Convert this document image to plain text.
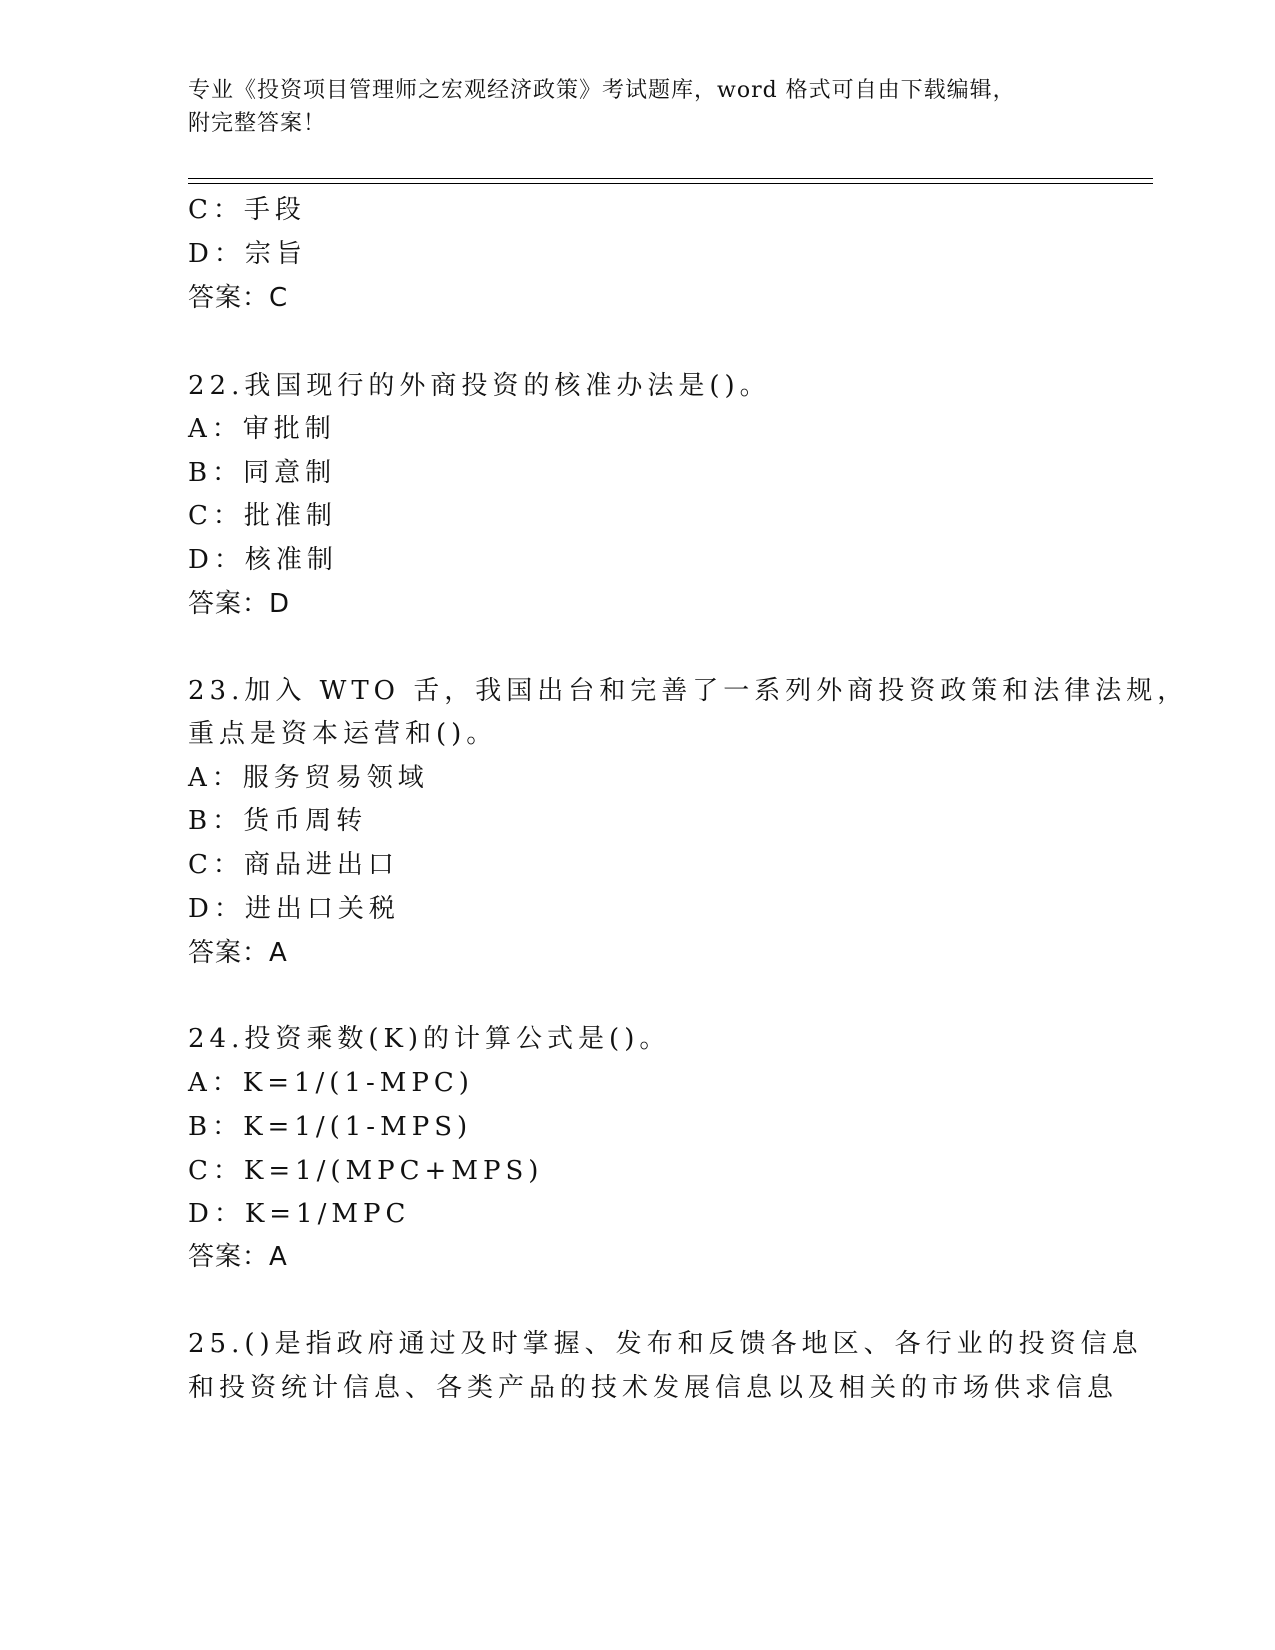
专业《投资项目管理师之宏观经济政策》考试题库，word 格式可自由下载编辑，
附完整答案！
C：手段
D：宗旨
答案：C
22.我国现行的外商投资的核准办法是()。
A：审批制
B：同意制
C：批准制
D：核准制
答案：D
23.加入 WTO 舌，我国出台和完善了一系列外商投资政策和法律法规，
重点是资本运营和()。
A：服务贸易领域
B：货币周转
C：商品进出口
D：进出口关税
答案：A
24.投资乘数(K)的计算公式是()。
A：K=1/(1-MPC)
B：K=1/(1-MPS)
C：K=1/(MPC+MPS)
D：K=1/MPC
答案：A
25.()是指政府通过及时掌握、发布和反馈各地区、各行业的投资信息
和投资统计信息、各类产品的技术发展信息以及相关的市场供求信息
